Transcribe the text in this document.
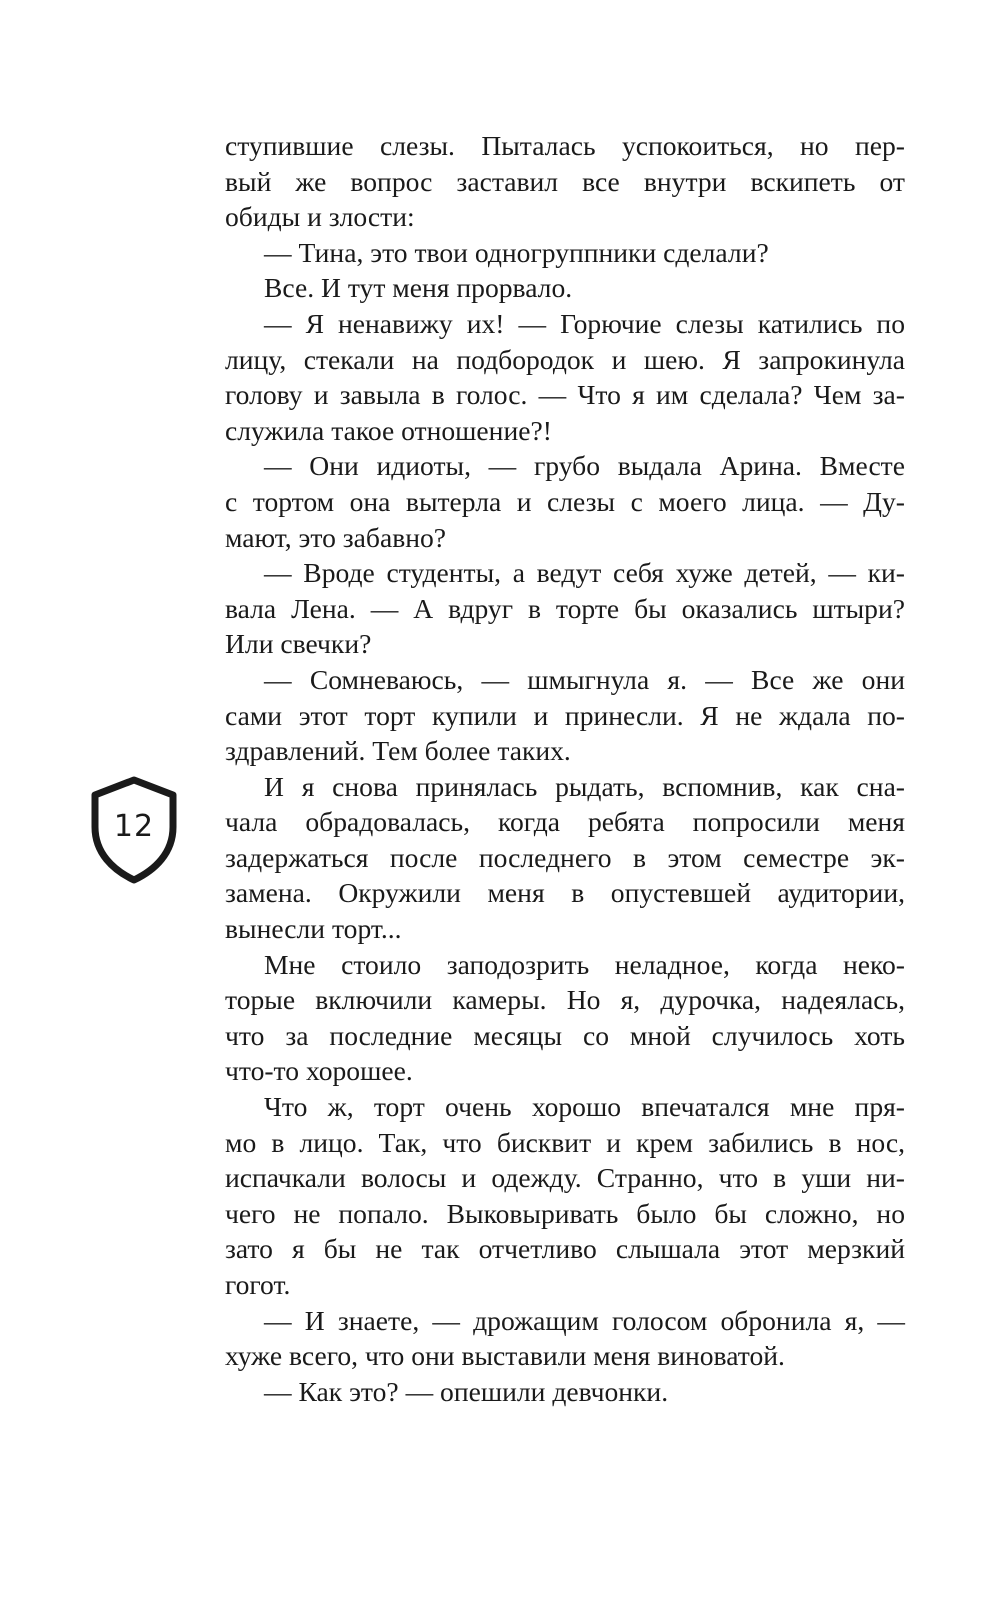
ступившие слезы. Пыталась успокоиться, но пер-
вый же вопрос заставил все внутри вскипеть от
обиды и злости:
— Тина, это твои одногруппники сделали?
Все. И тут меня прорвало.
— Я ненавижу их! — Горючие слезы катились по
лицу, стекали на подбородок и шею. Я запрокинула
голову и завыла в голос. — Что я им сделала? Чем за-
служила такое отношение?!
— Они идиоты, — грубо выдала Арина. Вместе
с тортом она вытерла и слезы с моего лица. — Ду-
мают, это забавно?
— Вроде студенты, а ведут себя хуже детей, — ки-
вала Лена. — А вдруг в торте бы оказались штыри?
Или свечки?
— Сомневаюсь, — шмыгнула я. — Все же они
сами этот торт купили и принесли. Я не ждала по-
здравлений. Тем более таких.
И я снова принялась рыдать, вспомнив, как сна-
чала обрадовалась, когда ребята попросили меня
задержаться после последнего в этом семестре эк-
замена. Окружили меня в опустевшей аудитории,
вынесли торт...
Мне стоило заподозрить неладное, когда неко-
торые включили камеры. Но я, дурочка, надеялась,
что за последние месяцы со мной случилось хоть
что-то хорошее.
Что ж, торт очень хорошо впечатался мне пря-
мо в лицо. Так, что бисквит и крем забились в нос,
испачкали волосы и одежду. Странно, что в уши ни-
чего не попало. Выковыривать было бы сложно, но
зато я бы не так отчетливо слышала этот мерзкий
гогот.
— И знаете, — дрожащим голосом обронила я, —
хуже всего, что они выставили меня виноватой.
— Как это? — опешили девчонки.
12
